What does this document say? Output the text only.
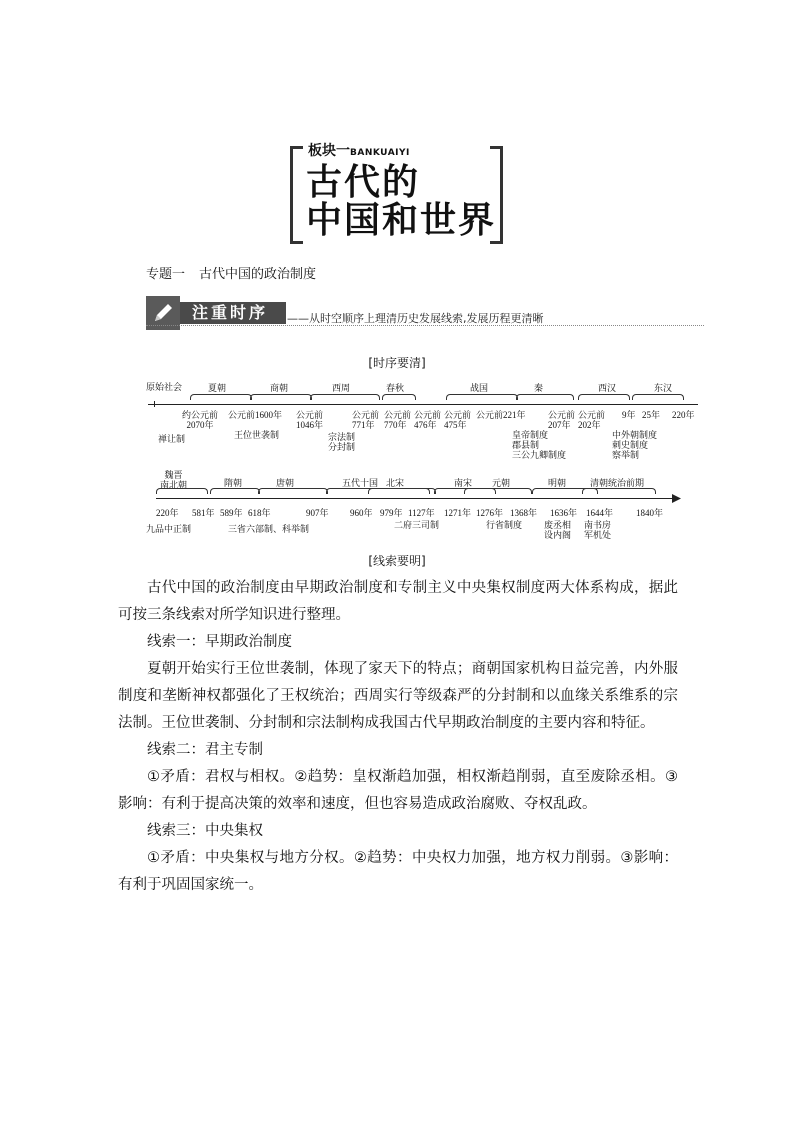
板块一BANKUAIYI
古代的
中国和世界
专题一 古代中国的政治制度
注重时序 ——从时空顺序上理清历史发展线索,发展历程更清晰
[时序要清]
原始社会	夏朝	商朝	西周	春秋	战国	秦	西汉	东汉
约公元前
2070年
公元前1600年 公元前
1046年
公元前
771年
公元前
770年
公元前
476年
公元前
475年
公元前221年 公元前
207年
公元前
202年
9年 25年 220年
禅让制	王位世袭制	宗法制
分封制
皇帝制度
郡县制
三公九卿制度
中外朝制度
刺史制度
察举制
魏晋
南北朝	隋朝	唐朝	五代十国 北宋	南宋 元朝	明朝	清朝统治前期
220年 581年 589年 618年	907年 960年 979年 1127年 1271年 1276年 1368年 1636年 1644年	1840年
九品中正制	三省六部制、科举制	二府三司制	行省制度 废丞相
设内阁
南书房
军机处
[线索要明]
古代中国的政治制度由早期政治制度和专制主义中央集权制度两大体系构成，据此可按三条线索对所学知识进行整理。
线索一：早期政治制度
夏朝开始实行王位世袭制，体现了家天下的特点；商朝国家机构日益完善，内外服制度和垄断神权都强化了王权统治；西周实行等级森严的分封制和以血缘关系维系的宗法制。王位世袭制、分封制和宗法制构成我国古代早期政治制度的主要内容和特征。
线索二：君主专制
①矛盾：君权与相权。②趋势：皇权渐趋加强，相权渐趋削弱，直至废除丞相。③影响：有利于提高决策的效率和速度，但也容易造成政治腐败、夺权乱政。
线索三：中央集权
①矛盾：中央集权与地方分权。②趋势：中央权力加强，地方权力削弱。③影响：有利于巩固国家统一。
